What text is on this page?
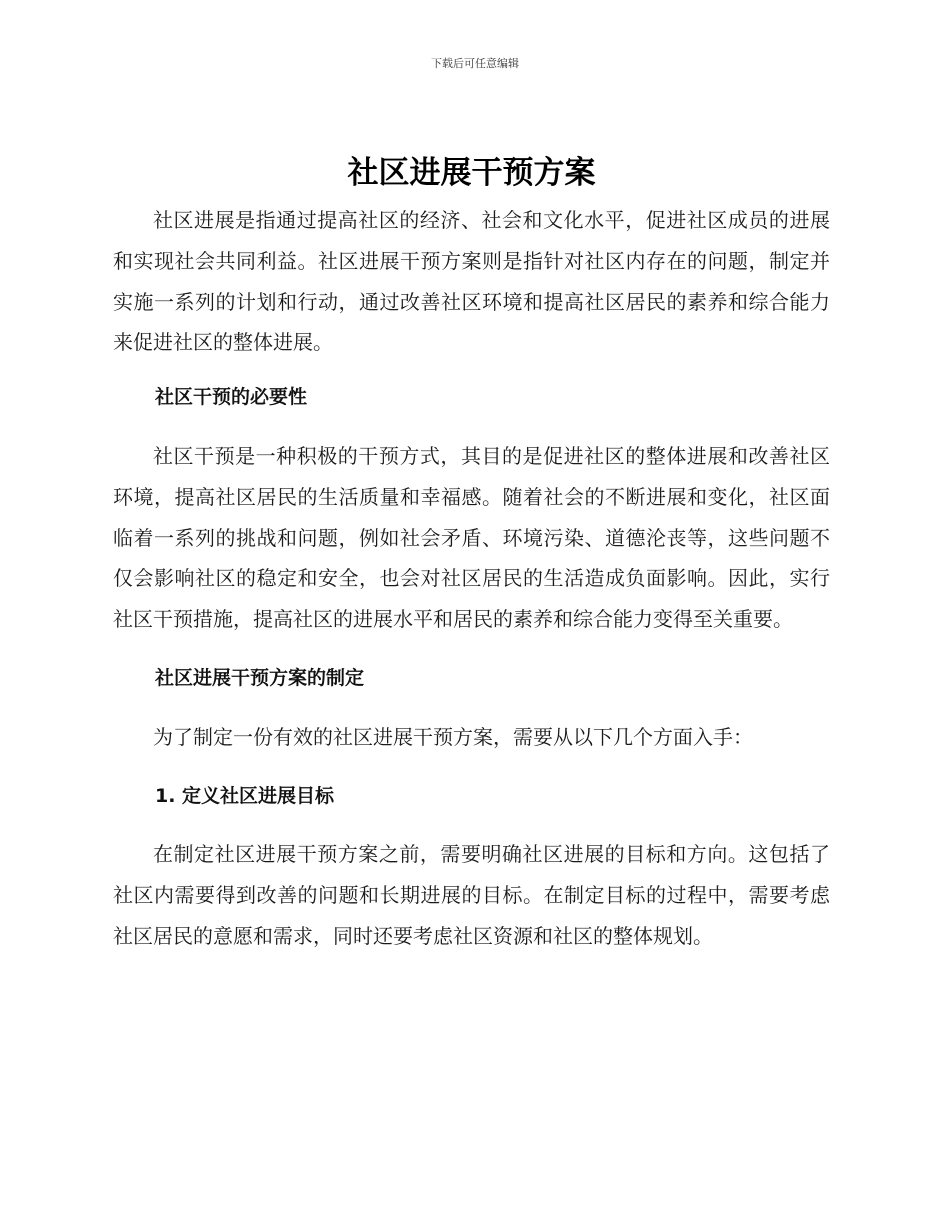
下载后可任意编辑
社区进展干预方案

社区进展是指通过提高社区的经济、社会和文化水平，促进社区成员的进展和实现社会共同利益。社区进展干预方案则是指针对社区内存在的问题，制定并实施一系列的计划和行动，通过改善社区环境和提高社区居民的素养和综合能力来促进社区的整体进展。

社区干预的必要性

社区干预是一种积极的干预方式，其目的是促进社区的整体进展和改善社区环境，提高社区居民的生活质量和幸福感。随着社会的不断进展和变化，社区面临着一系列的挑战和问题，例如社会矛盾、环境污染、道德沦丧等，这些问题不仅会影响社区的稳定和安全，也会对社区居民的生活造成负面影响。因此，实行社区干预措施，提高社区的进展水平和居民的素养和综合能力变得至关重要。

社区进展干预方案的制定

为了制定一份有效的社区进展干预方案，需要从以下几个方面入手：

1. 定义社区进展目标

在制定社区进展干预方案之前，需要明确社区进展的目标和方向。这包括了社区内需要得到改善的问题和长期进展的目标。在制定目标的过程中，需要考虑社区居民的意愿和需求，同时还要考虑社区资源和社区的整体规划。
